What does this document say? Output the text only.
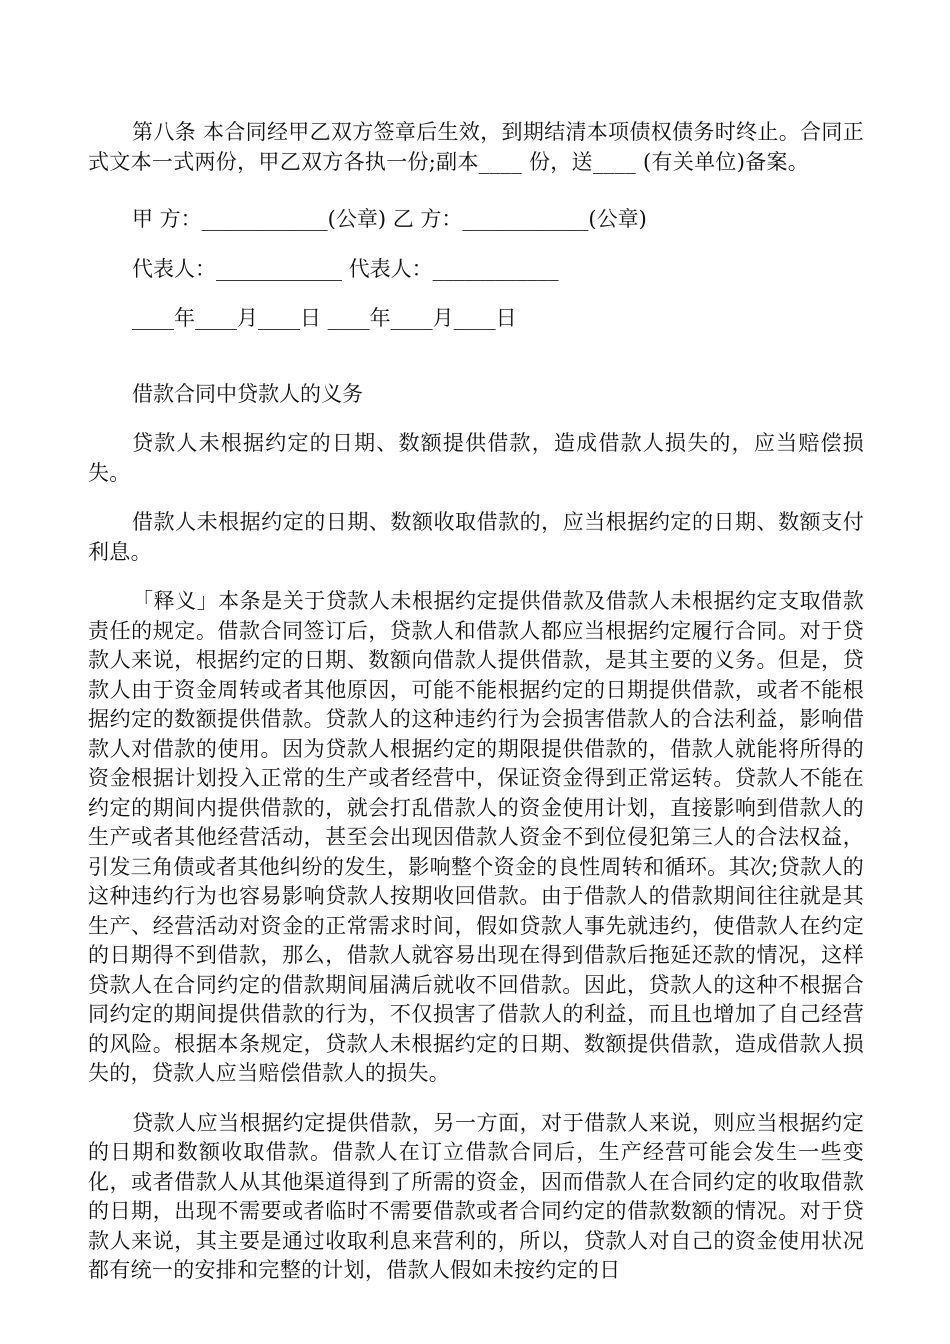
第八条 本合同经甲乙双方签章后生效，到期结清本项债权债务时终止。合同正式文本一式两份，甲乙双方各执一份;副本____ 份，送____ (有关单位)备案。

甲 方：____________(公章) 乙 方：____________(公章)

代表人：____________ 代表人：____________

____年____月____日 ____年____月____日

借款合同中贷款人的义务

贷款人未根据约定的日期、数额提供借款，造成借款人损失的，应当赔偿损失。

借款人未根据约定的日期、数额收取借款的，应当根据约定的日期、数额支付利息。

「释义」本条是关于贷款人未根据约定提供借款及借款人未根据约定支取借款责任的规定。借款合同签订后，贷款人和借款人都应当根据约定履行合同。对于贷款人来说，根据约定的日期、数额向借款人提供借款，是其主要的义务。但是，贷款人由于资金周转或者其他原因，可能不能根据约定的日期提供借款，或者不能根据约定的数额提供借款。贷款人的这种违约行为会损害借款人的合法利益，影响借款人对借款的使用。因为贷款人根据约定的期限提供借款的，借款人就能将所得的资金根据计划投入正常的生产或者经营中，保证资金得到正常运转。贷款人不能在约定的期间内提供借款的，就会打乱借款人的资金使用计划，直接影响到借款人的生产或者其他经营活动，甚至会出现因借款人资金不到位侵犯第三人的合法权益，引发三角债或者其他纠纷的发生，影响整个资金的良性周转和循环。其次;贷款人的这种违约行为也容易影响贷款人按期收回借款。由于借款人的借款期间往往就是其生产、经营活动对资金的正常需求时间，假如贷款人事先就违约，使借款人在约定的日期得不到借款，那么，借款人就容易出现在得到借款后拖延还款的情况，这样贷款人在合同约定的借款期间届满后就收不回借款。因此，贷款人的这种不根据合同约定的期间提供借款的行为，不仅损害了借款人的利益，而且也增加了自己经营的风险。根据本条规定，贷款人未根据约定的日期、数额提供借款，造成借款人损失的，贷款人应当赔偿借款人的损失。

贷款人应当根据约定提供借款，另一方面，对于借款人来说，则应当根据约定的日期和数额收取借款。借款人在订立借款合同后，生产经营可能会发生一些变化，或者借款人从其他渠道得到了所需的资金，因而借款人在合同约定的收取借款的日期，出现不需要或者临时不需要借款或者合同约定的借款数额的情况。对于贷款人来说，其主要是通过收取利息来营利的，所以，贷款人对自己的资金使用状况都有统一的安排和完整的计划，借款人假如未按约定的日
